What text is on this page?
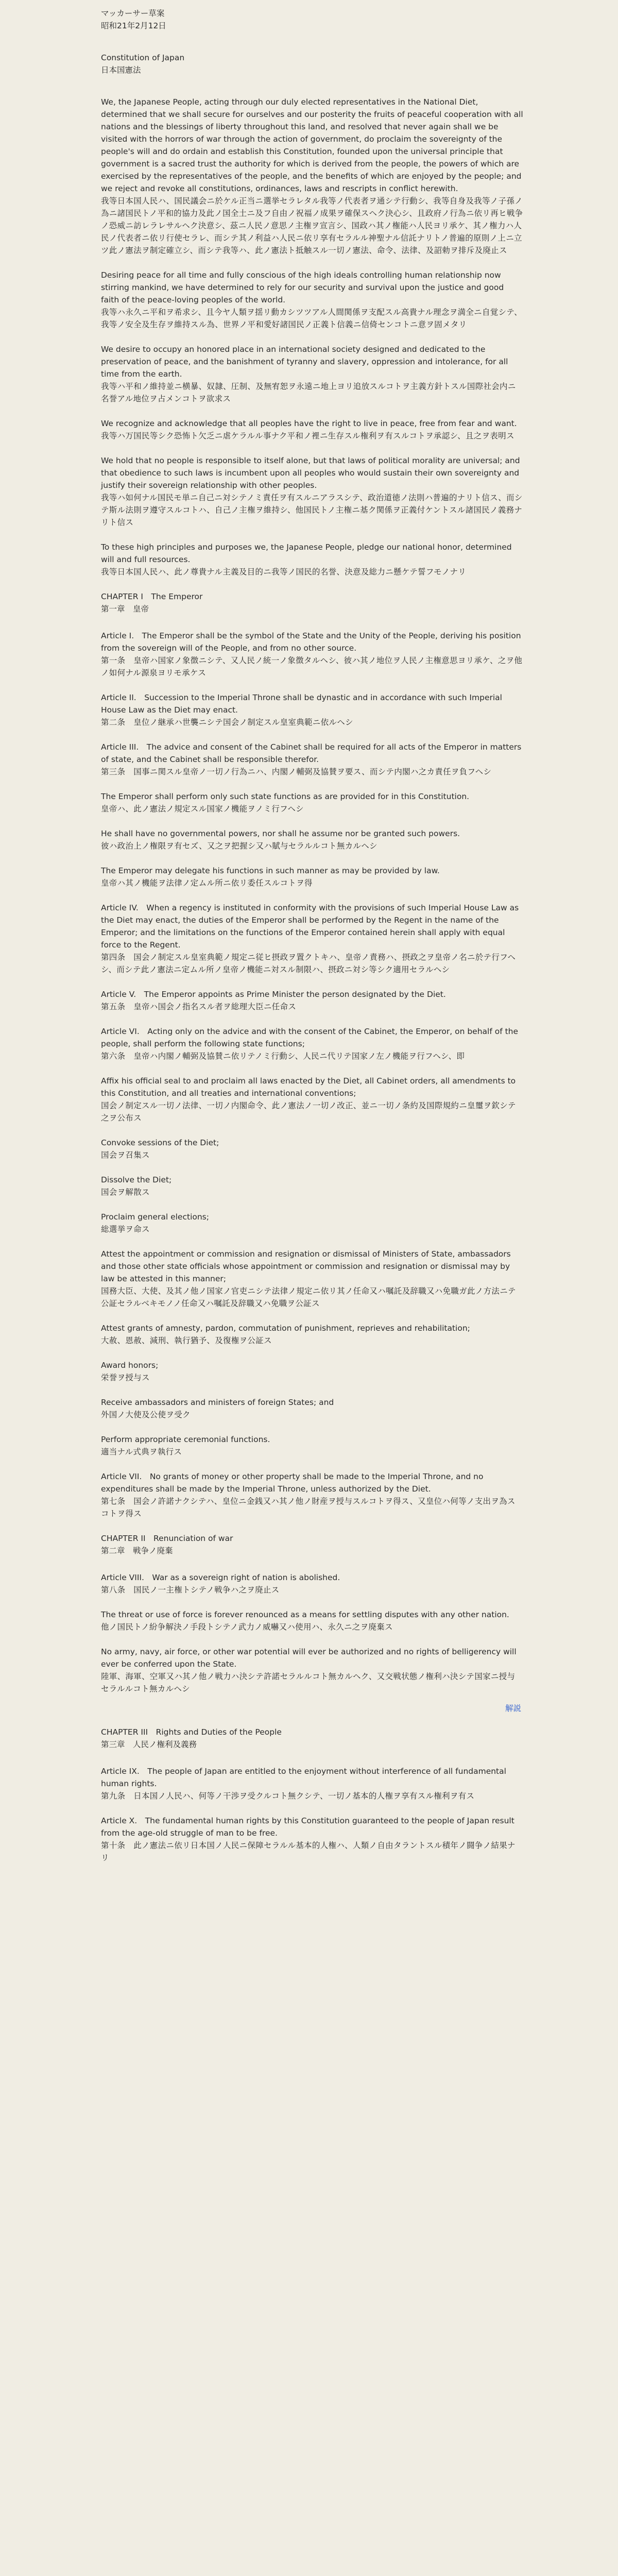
マッカーサー草案

昭和21年2月12日

Constitution of Japan

日本国憲法

We, the Japanese People, acting through our duly elected representatives in the National Diet, determined that we shall secure for ourselves and our posterity the fruits of peaceful cooperation with all nations and the blessings of liberty throughout this land, and resolved that never again shall we be visited with the horrors of war through the action of government, do proclaim the sovereignty of the people's will and do ordain and establish this Constitution, founded upon the universal principle that government is a sacred trust the authority for which is derived from the people, the powers of which are exercised by the representatives of the people, and the benefits of which are enjoyed by the people; and we reject and revoke all constitutions, ordinances, laws and rescripts in conflict herewith.

我等日本国人民ハ、国民議会ニ於ケル正当ニ選挙セラレタル我等ノ代表者ヲ通シテ行動シ、我等自身及我等ノ子孫ノ為ニ諸国民トノ平和的協力及此ノ国全土ニ及フ自由ノ祝福ノ成果ヲ確保スヘク決心シ、且政府ノ行為ニ依リ再ヒ戦争ノ恐威ニ訪レラレサルヘク決意シ、茲ニ人民ノ意思ノ主権ヲ宣言シ、国政ハ其ノ権能ハ人民ヨリ承ケ、其ノ権力ハ人民ノ代表者ニ依リ行使セラレ、而シテ其ノ利益ハ人民ニ依リ享有セラルル神聖ナル信託ナリトノ普遍的原則ノ上ニ立ツ此ノ憲法ヲ制定確立シ、而シテ我等ハ、此ノ憲法ト抵触スル一切ノ憲法、命令、法律、及詔勅ヲ排斥及廃止ス

Desiring peace for all time and fully conscious of the high ideals controlling human relationship now stirring mankind, we have determined to rely for our security and survival upon the justice and good faith of the peace-loving peoples of the world.

我等ハ永久ニ平和ヲ希求シ、且今ヤ人類ヲ揺リ動カシツツアル人間関係ヲ支配スル高貴ナル理念ヲ満全ニ自覚シテ、我等ノ安全及生存ヲ維持スル為、世界ノ平和愛好諸国民ノ正義ト信義ニ信倚センコトニ意ヲ固メタリ

We desire to occupy an honored place in an international society designed and dedicated to the preservation of peace, and the banishment of tyranny and slavery, oppression and intolerance, for all time from the earth.

我等ハ平和ノ維持並ニ横暴、奴隷、圧制、及無宥恕ヲ永遠ニ地上ヨリ追放スルコトヲ主義方針トスル国際社会内ニ名誉アル地位ヲ占メンコトヲ欲求ス

We recognize and acknowledge that all peoples have the right to live in peace, free from fear and want.

我等ハ万国民等シク恐怖ト欠乏ニ虐ケラルル事ナク平和ノ裡ニ生存スル権利ヲ有スルコトヲ承認シ、且之ヲ表明ス

We hold that no people is responsible to itself alone, but that laws of political morality are universal; and that obedience to such laws is incumbent upon all peoples who would sustain their own sovereignty and justify their sovereign relationship with other peoples.

我等ハ如何ナル国民モ単ニ自己ニ対シテノミ責任ヲ有スルニアラスシテ、政治道徳ノ法則ハ普遍的ナリト信ス、而シテ斯ル法則ヲ遵守スルコトハ、自己ノ主権ヲ維持シ、他国民トノ主権ニ基ク関係ヲ正義付ケントスル諸国民ノ義務ナリト信ス

To these high principles and purposes we, the Japanese People, pledge our national honor, determined will and full resources.

我等日本国人民ハ、此ノ尊貴ナル主義及目的ニ我等ノ国民的名誉、決意及総力ニ懸ケテ誓フモノナリ

CHAPTER I　The Emperor

第一章　皇帝

Article I.　The Emperor shall be the symbol of the State and the Unity of the People, deriving his position from the sovereign will of the People, and from no other source.

第一条　皇帝ハ国家ノ象徴ニシテ、又人民ノ統一ノ象徴タルヘシ、彼ハ其ノ地位ヲ人民ノ主権意思ヨリ承ケ、之ヲ他ノ如何ナル源泉ヨリモ承ケス

Article II.　Succession to the Imperial Throne shall be dynastic and in accordance with such Imperial House Law as the Diet may enact.

第二条　皇位ノ継承ハ世襲ニシテ国会ノ制定スル皇室典範ニ依ルヘシ

Article III.　The advice and consent of the Cabinet shall be required for all acts of the Emperor in matters of state, and the Cabinet shall be responsible therefor.

第三条　国事ニ関スル皇帝ノ一切ノ行為ニハ、内閣ノ輔弼及協賛ヲ要ス、而シテ内閣ハ之カ責任ヲ負フヘシ

The Emperor shall perform only such state functions as are provided for in this Constitution.

皇帝ハ、此ノ憲法ノ規定スル国家ノ機能ヲノミ行フヘシ

He shall have no governmental powers, nor shall he assume nor be granted such powers.

彼ハ政治上ノ権限ヲ有セズ、又之ヲ把握シ又ハ賦与セラルルコト無カルヘシ

The Emperor may delegate his functions in such manner as may be provided by law.

皇帝ハ其ノ機能ヲ法律ノ定ムル所ニ依リ委任スルコトヲ得

Article IV.　When a regency is instituted in conformity with the provisions of such Imperial House Law as the Diet may enact, the duties of the Emperor shall be performed by the Regent in the name of the Emperor; and the limitations on the functions of the Emperor contained herein shall apply with equal force to the Regent.

第四条　国会ノ制定スル皇室典範ノ規定ニ従ヒ摂政ヲ置クトキハ、皇帝ノ責務ハ、摂政之ヲ皇帝ノ名ニ於テ行フヘシ、而シテ此ノ憲法ニ定ムル所ノ皇帝ノ機能ニ対スル制限ハ、摂政ニ対シ等シク適用セラルヘシ

Article V.　The Emperor appoints as Prime Minister the person designated by the Diet.

第五条　皇帝ハ国会ノ指名スル者ヲ総理大臣ニ任命ス

Article VI.　Acting only on the advice and with the consent of the Cabinet, the Emperor, on behalf of the people, shall perform the following state functions;

第六条　皇帝ハ内閣ノ輔弼及協賛ニ依リテノミ行動シ、人民ニ代リテ国家ノ左ノ機能ヲ行フヘシ、即

Affix his official seal to and proclaim all laws enacted by the Diet, all Cabinet orders, all amendments to this Constitution, and all treaties and international conventions;

国会ノ制定スル一切ノ法律、一切ノ内閣命令、此ノ憲法ノ一切ノ改正、並ニ一切ノ条約及国際規約ニ皇璽ヲ欽シテ之ヲ公布ス

Convoke sessions of the Diet;

国会ヲ召集ス

Dissolve the Diet;

国会ヲ解散ス

Proclaim general elections;

総選挙ヲ命ス

Attest the appointment or commission and resignation or dismissal of Ministers of State, ambassadors and those other state officials whose appointment or commission and resignation or dismissal may by law be attested in this manner;

国務大臣、大使、及其ノ他ノ国家ノ官吏ニシテ法律ノ規定ニ依リ其ノ任命又ハ嘱託及辞職又ハ免職ガ此ノ方法ニテ公証セラルベキモノノ任命又ハ嘱託及辞職又ハ免職ヲ公証ス

Attest grants of amnesty, pardon, commutation of punishment, reprieves and rehabilitation;

大赦、恩赦、減刑、執行猶予、及復権ヲ公証ス

Award honors;

栄誉ヲ授与ス

Receive ambassadors and ministers of foreign States; and

外国ノ大使及公使ヲ受ク

Perform appropriate ceremonial functions.

適当ナル式典ヲ執行ス

Article VII.　No grants of money or other property shall be made to the Imperial Throne, and no expenditures shall be made by the Imperial Throne, unless authorized by the Diet.

第七条　国会ノ許諾ナクシテハ、皇位ニ金銭又ハ其ノ他ノ財産ヲ授与スルコトヲ得ス、又皇位ハ何等ノ支出ヲ為スコトヲ得ス

CHAPTER II　Renunciation of war

第二章　戦争ノ廃棄

Article VIII.　War as a sovereign right of nation is abolished.

第八条　国民ノ一主権トシテノ戦争ハ之ヲ廃止ス

The threat or use of force is forever renounced as a means for settling disputes with any other nation.

他ノ国民トノ紛争解決ノ手段トシテノ武力ノ威嚇又ハ使用ハ、永久ニ之ヲ廃棄ス

No army, navy, air force, or other war potential will ever be authorized and no rights of belligerency will ever be conferred upon the State.

陸軍、海軍、空軍又ハ其ノ他ノ戦力ハ決シテ許諾セラルルコト無カルヘク、又交戦状態ノ権利ハ決シテ国家ニ授与セラルルコト無カルヘシ

解説

CHAPTER III　Rights and Duties of the People

第三章　人民ノ権利及義務

Article IX.　The people of Japan are entitled to the enjoyment without interference of all fundamental human rights.

第九条　日本国ノ人民ハ、何等ノ干渉ヲ受クルコト無クシテ、一切ノ基本的人権ヲ享有スル権利ヲ有ス

Article X.　The fundamental human rights by this Constitution guaranteed to the people of Japan result from the age-old struggle of man to be free.

第十条　此ノ憲法ニ依リ日本国ノ人民ニ保障セラルル基本的人権ハ、人類ノ自由タラントスル積年ノ闘争ノ結果ナリ
